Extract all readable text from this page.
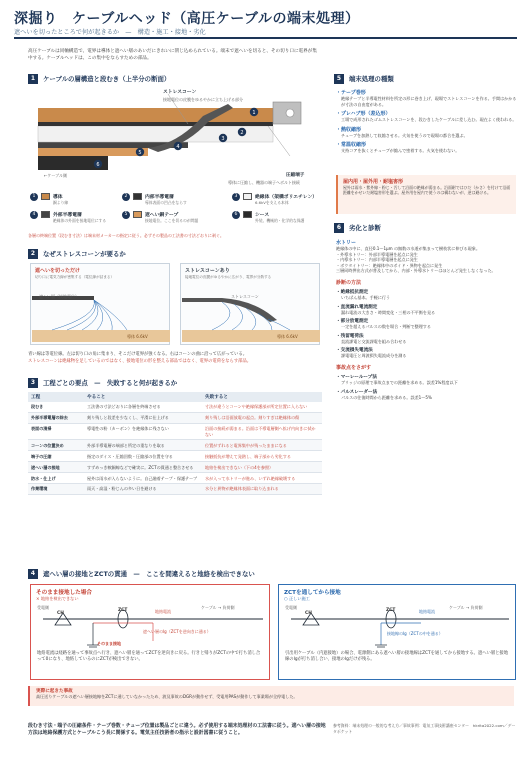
深掘り　ケーブルヘッド（高圧ケーブルの端末処理）
遮へいを切ったところで何が起きるか　—　構造・施工・接地・劣化
高圧ケーブルは同軸構造で、電界は導体と遮へい層のあいだにきれいに閉じ込められている。端末で遮へいを切ると、その切り口に電界が集中する。ケーブルヘッドは、この集中をならすための部品。
1	ケーブルの層構造と段むき（上半分の断面）
1
2
3
4
5
6
ストレスコーン
接地電位の皮膜をゆるやかに立ち上げる部分
←ケーブル側	圧縮端子
導体に圧縮し、機器の端子へボルト接続
1	導体
銅より線
2	内部半導電層
導体表面の凹凸をならす
3	絶縁体（架橋ポリエチレン）
6.6kVを支える本体
4	外部半導電層
絶縁体の外面を接地電位にする
5	遮へい銅テープ
接地電位。ここを切るのが問題
6	シース
外装。機械的・化学的な保護
各層の終端位置（段むき寸法）は端末材メーカーの指定に従う。必ずその製品の工法書の寸法どおりに剥ぐ。
2	なぜストレスコーンが要るか
遮へいを切っただけ
切り口に電気力線が密集する（電位線が詰まる）
遮へい層（接地電位）
導体 6.6kV
ストレスコーンあり
接地電位の皮膜がゆるやかに広がり、電界が分散する
ストレスコーン
導体 6.6kV
青い線は等電位線。左は切り口の角に集まり、そこだけ電界が強くなる。右はコーンの曲に沿って広がっている。
ストレスコーンは絶縁物を足しているのではなく、接地電位の形を整える部品ではなく、電界の電荷をならす部品。
3	工程ごとの要点　—　失敗すると何が起きるか
工程	やること	失敗すると
段むき	工法書の寸法どおりに各層を終端させる	寸法が違うとコーンや絶縁保護部が所定位置に入らない
外部半導電層の除去	刻り残しと段差を少なくし、平滑に仕上げる	刻り残しは沿面放電の起点。刻りすぎは絶縁体の傷
表面の清掃	導電性の粉（カーボン）を絶縁体に残さない	沿面の接続が弱まる。沿面は不導電層側へ拡げ内向きに拭かない
コーンの位置決め	外部半導電層の端部と所定の重なりを取る	位置がずれると電界集中が残ったままになる
端子の圧縮	指定のダイス・圧縮回数・圧縮部の位置を守る	接触抵抗が増えて発熱し、端子部から劣化する
遮へい層の接地	すずめっき軟銅線などで確実に。ZCTの貫通と整合させる	地絡を検出できない（下の4を参照）
防水・仕上げ	屋外は雨水が入らないように。自己融着テープ・保護テープ	水が入って水トリーが進み、いずれ絶縁破壊する
作業環境	雨天・高湿・粉じんの多い日を避ける	水分と異物が絶縁体表面に取り込まれる
4	遮へい層の接地とZCTの貫通　—　ここを間違えると地絡を検出できない
そのまま接地した場合
× 地絡を検出できない
受電側	ケーブル → 負荷側
ZCT
CH	地絡電流
遮へい層のIg（ZCTを逆向きに通る）
そのまま接地
地絡電流は経路を通って事故点へ行き、遮へい層を通ってZCTを逆向きに戻る。行きと帰りがZCTの中で打ち消し合って0になり、地絡しているのにZCTが検出できない。
ZCTを通してから接地
○ 正しい施工
受電側	ケーブル → 負荷側
ZCT
CH	地絡電流
接地線のIg（ZCTの中を通る）
引出用ケーブル（内遮接地）の場合、電源側にある遮へい層の接地線はZCTを通してから接地する。遮へい層と接地線のIgが打ち消し合い、接地のIgだけが残る。
実際に起きた事故
高圧送りケーブルの遮へい層接地線をZCTに通していなかったため、波及事故のDGRが動作せず、受電用PASが動作して事業場が全停電した。
5	端末処理の種類
・テープ巻形
絶縁テープと半導電性材料を所定の形に巻き上げ、現場でストレスコーンを作る。手間はかかるが寸法の自由度がある。
・プレハブ形（差込形）
工場で成形されたゴムストレスコーンを、段むきしたケーブルに差し込む。現在よく使われる。
・熱収縮形
チューブを加熱して収縮させる。火気を使うので現場の都合を選ぶ。
・常温収縮形
支持コアを抜くとチューブが縮んで密着する。火気を使わない。
屋内用・屋外用・耐塩害形
屋外は雨水・紫外線・粉じ・汚して沿面の絶縁が弱まる。沿面耐ではひだ（かさ）を付けて沿面距離をかせいだ耐塩害形を選ぶ。屋外用を屋内で使うのは構わないが、逆は避ける。
6	劣化と診断
水トリー
絶縁体の中に、直径0.1〜1μm の無数の水道が集まって樹枝状に伸びる現象。
・外導水トリー：外部半導電層を起点に発生
・内導水トリー：内部半導電層を起点に発生
・ボウタイトリー：絶縁体中のボイド・異物を起点に発生
三層同時押出方式が普及してから、内部・外導水トリーはほとんど発生しなくなった。
診断の方法
・絶縁抵抗測定
いちばん基本。手軽に行う
・直流漏れ電流測定
漏れ電流の大きさ・時間変化・三相の不平衡を見る
・部分放電測定
一定を超えるパルスの数を場合・判断で整理する
・残留電荷法
直流課電と交流課電を組み合わせる
・交流損失電流法
課電電圧と周波損失電流成分を測る
事故点をさがす
・マーレーループ法
ブリッジの原理で事故点までの距離を求める。誤差1%程度以下
・パルスレーダー法
パルスの往復時間から距離を求める。誤差1〜5%
段むき寸法・端子の圧縮条件・テープ巻数・チューブ位置は製品ごとに違う。必ず使用する端末処理材の工法書に従う。遮へい層の接地方法は地絡保護方式とケーブルこう長に関係する。電気主任技術者の指示と設計図書に従うこと。
参考資料：端末処理の一般的な考え方／事故事例：電気工事技術講座センター　hkrita2022.com／データポケット
